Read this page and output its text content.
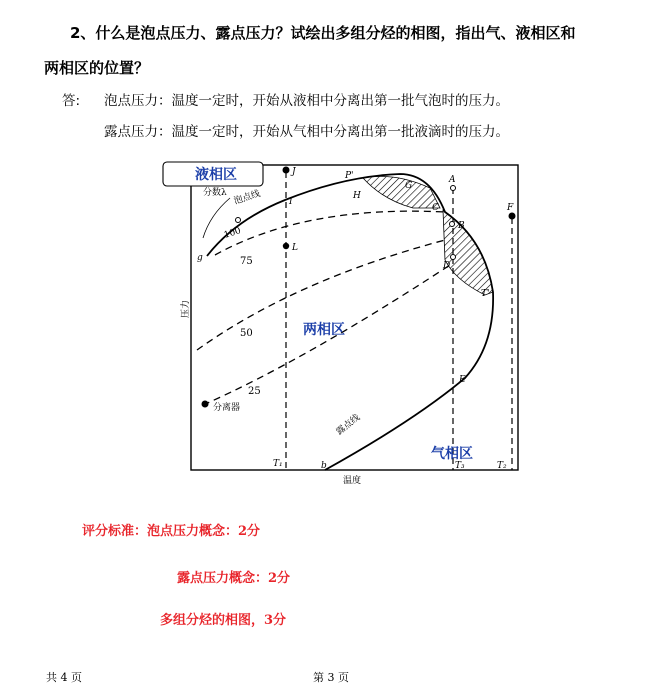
2、什么是泡点压力、露点压力？试绘出多组分烃的相图，指出气、液相区和
两相区的位置？
答: 泡点压力：温度一定时，开始从液相中分离出第一批气泡时的压力。
露点压力：温度一定时，开始从气相中分离出第一批液滴时的压力。
液相区
分数λ 泡点线
露点线
100
75
50
25
两相区
气相区
J	P'
G
A
F
H
I
C
B
D
L
g
T'
E
b
T₁	T₃	T₂
分离器
压力
温度
评分标准：泡点压力概念：2分
露点压力概念：2分
多组分烃的相图，3分
共 4 页	第 3 页
